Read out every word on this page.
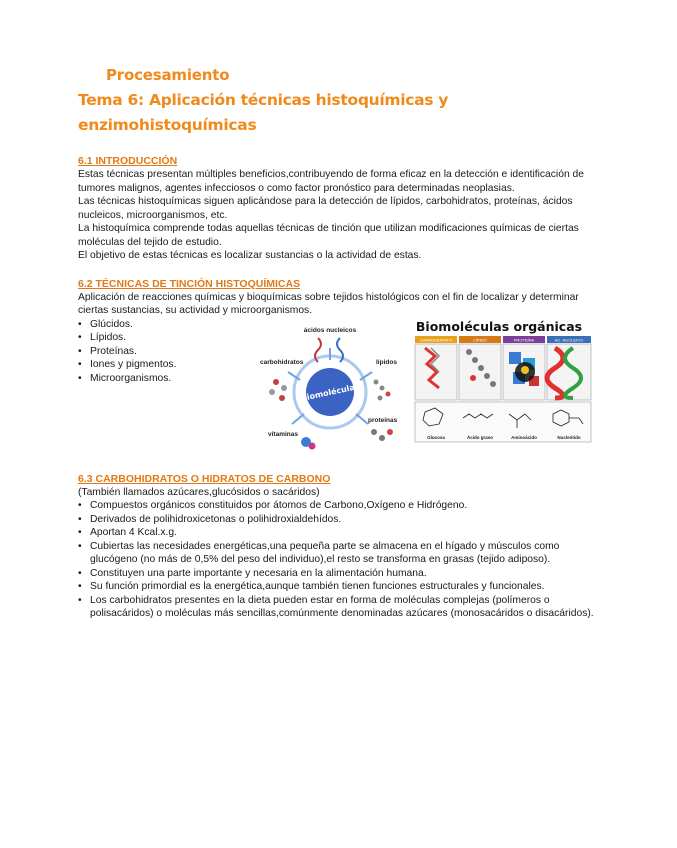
Procesamiento
Tema 6: Aplicación técnicas histoquímicas y
enzimohistoquímicas
6.1 INTRODUCCIÓN

Estas técnicas presentan múltiples beneficios,contribuyendo de forma eficaz en la detección e identificación de tumores malignos, agentes infecciosos o como factor pronóstico para determinadas neoplasias.

Las técnicas histoquímicas siguen aplicándose para la detección de lípidos, carbohidratos, proteínas, ácidos nucleicos, microorganismos, etc.

La histoquímica comprende todas aquellas técnicas de tinción que utilizan modificaciones químicas de ciertas moléculas del tejido de estudio.

El objetivo de estas técnicas es localizar sustancias o la actividad de estas.

6.2 TÉCNICAS DE TINCIÓN HISTOQUÍMICAS

Aplicación de reacciones químicas y bioquímicas sobre tejidos histológicos con el fin de localizar y determinar ciertas sustancias, su actividad y microorganismos.

• Glúcidos.
• Lípidos.
• Proteínas.
• Iones y pigmentos.
• Microorganismos.
Biomoléculas
ácidos nucleicos
carbohidratos	lípidos
vitaminas
proteínas
Biomoléculas orgánicas
CARBOHIDRATO	LÍPIDO	PROTEÍNA	AC. NUCLEICO
Glucosa	Ácido graso	Aminoácido	Nucleótido
6.3 CARBOHIDRATOS O HIDRATOS DE CARBONO

(También llamados azúcares,glucósidos o sacáridos)

• Compuestos orgánicos constituidos por átomos de Carbono,Oxígeno e Hidrógeno.
• Derivados de polihidroxicetonas o polihidroxialdehídos.
• Aportan 4 Kcal.x.g.
• Cubiertas las necesidades energéticas,una pequeña parte se almacena en el hígado y músculos como glucógeno (no más de 0,5% del peso del individuo),el resto se transforma en grasas (tejido adiposo).
• Constituyen una parte importante y necesaria en la alimentación humana.
• Su función primordial es la energética,aunque también tienen funciones estructurales y funcionales.
• Los carbohidratos presentes en la dieta pueden estar en forma de moléculas complejas (polímeros o polisacáridos) o moléculas más sencillas,comúnmente denominadas azúcares (monosacáridos o disacáridos).
